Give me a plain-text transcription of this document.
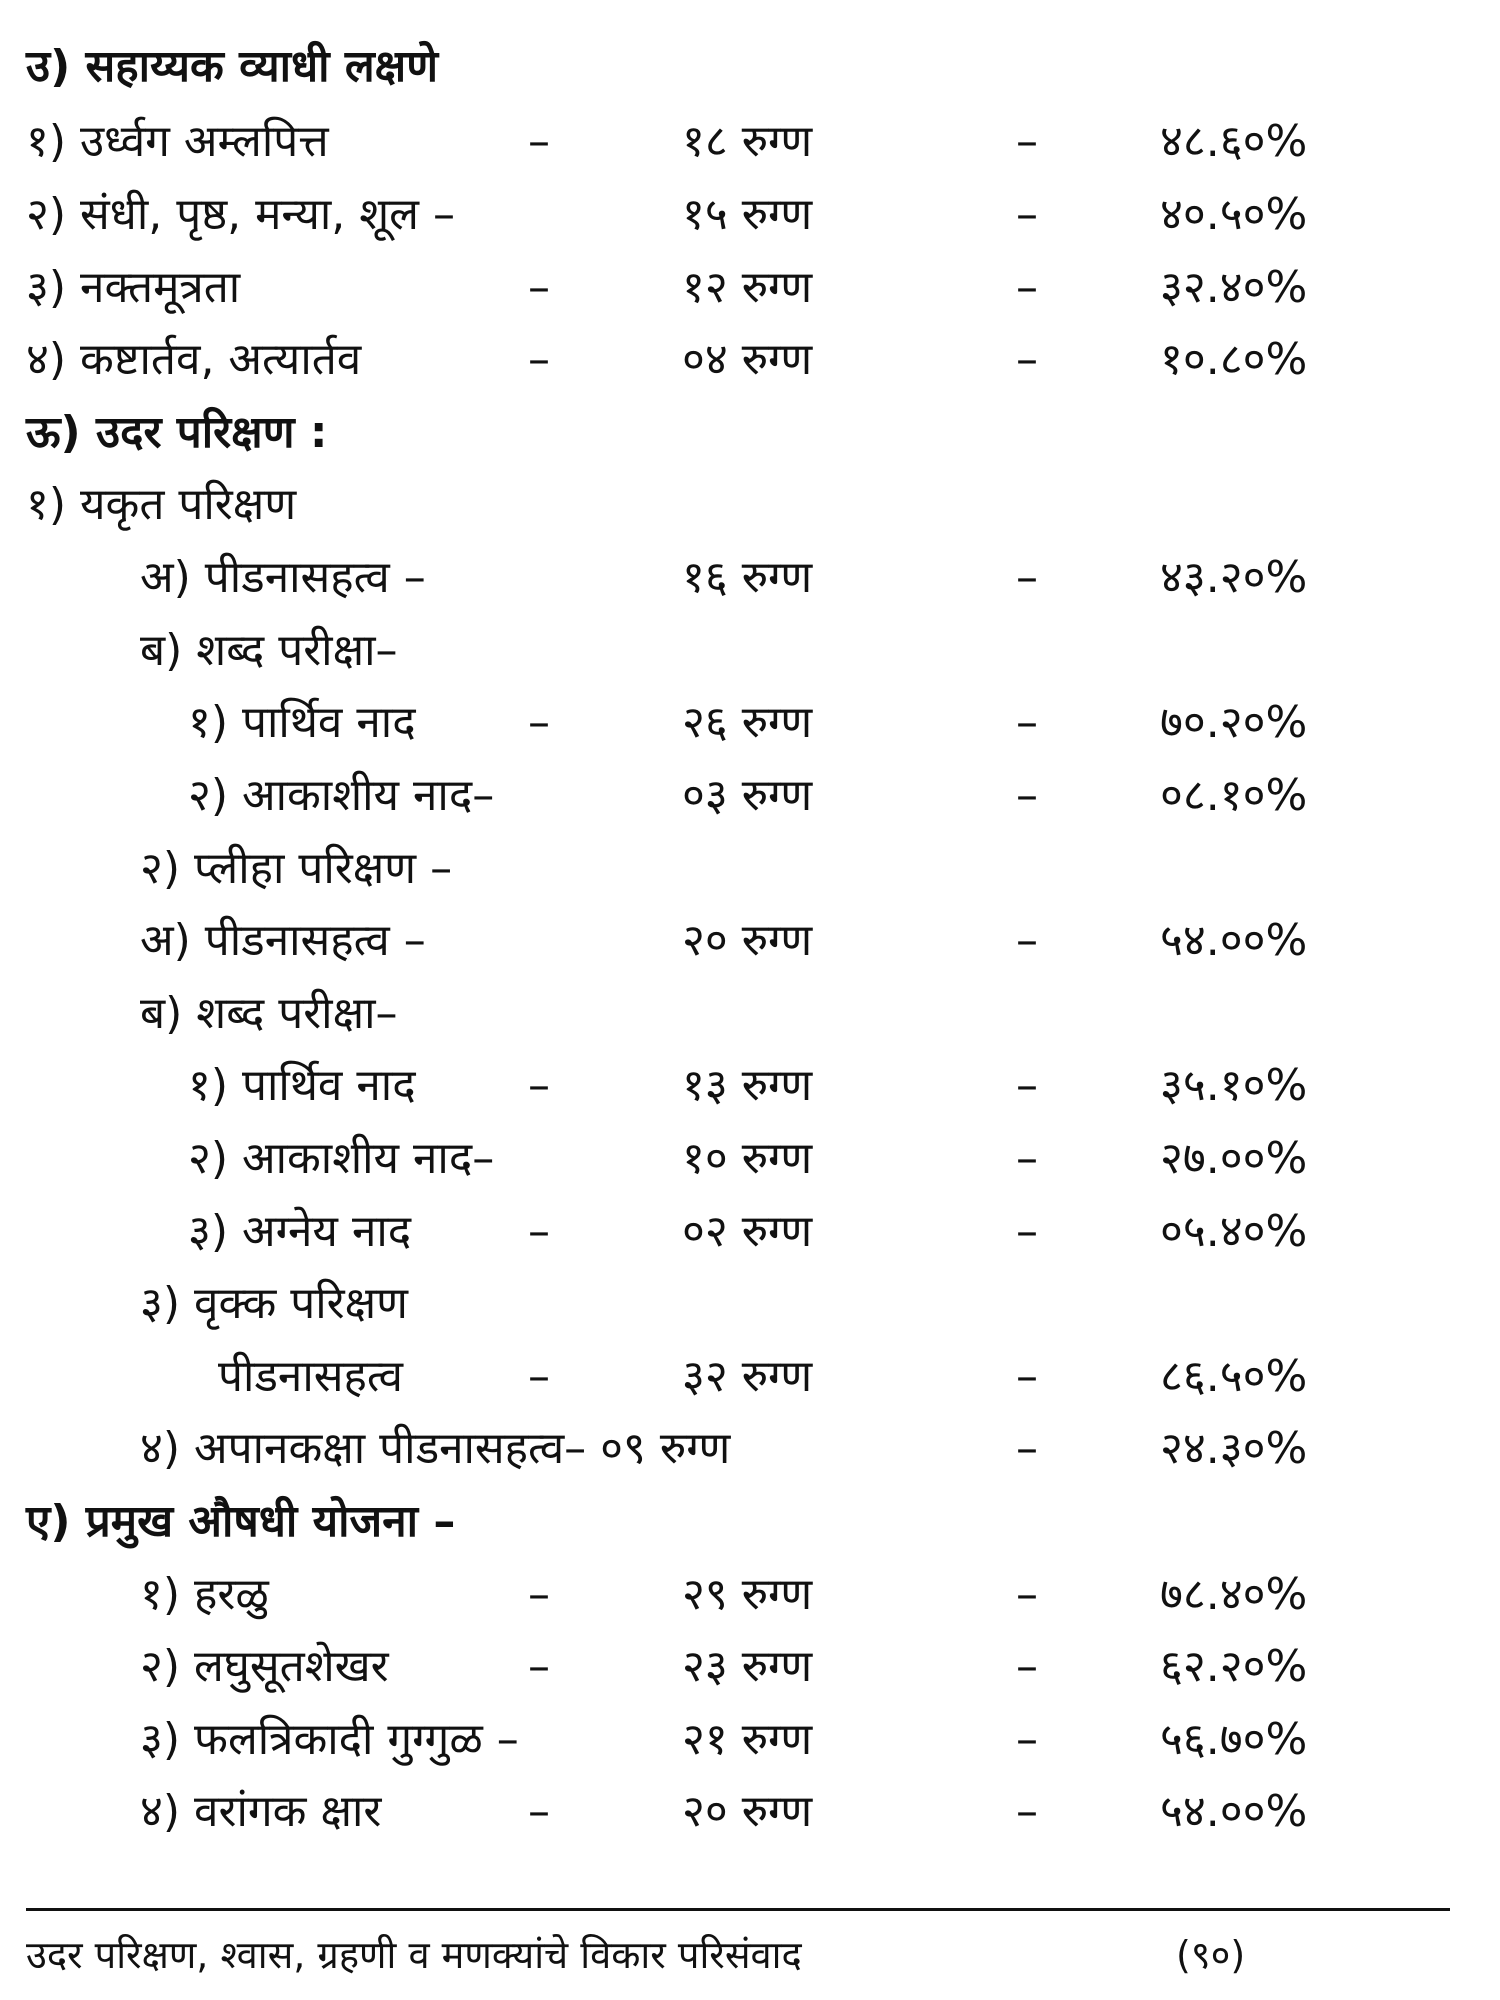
उ) सहाय्यक व्याधी लक्षणे
१) उर्ध्वग अम्लपित्त	–	१८ रुग्ण	–	४८.६०%
२) संधी, पृष्ठ, मन्या, शूल –	१५ रुग्ण	–	४०.५०%
३) नक्तमूत्रता	–	१२ रुग्ण	–	३२.४०%
४) कष्टार्तव, अत्यार्तव	–	०४ रुग्ण	–	१०.८०%
ऊ) उदर परिक्षण :
१) यकृत परिक्षण
अ) पीडनासहत्व –	१६ रुग्ण	–	४३.२०%
ब) शब्द परीक्षा–
१) पार्थिव नाद	–	२६ रुग्ण	–	७०.२०%
२) आकाशीय नाद–	०३ रुग्ण	–	०८.१०%
२) प्लीहा परिक्षण –
अ) पीडनासहत्व –	२० रुग्ण	–	५४.००%
ब) शब्द परीक्षा–
१) पार्थिव नाद	–	१३ रुग्ण	–	३५.१०%
२) आकाशीय नाद–	१० रुग्ण	–	२७.००%
३) अग्नेय नाद	–	०२ रुग्ण	–	०५.४०%
३) वृक्क परिक्षण
पीडनासहत्व	–	३२ रुग्ण	–	८६.५०%
४) अपानकक्षा पीडनासहत्व– ०९ रुग्ण	–	२४.३०%
ए) प्रमुख औषधी योजना –
१) हरळु	–	२९ रुग्ण	–	७८.४०%
२) लघुसूतशेखर	–	२३ रुग्ण	–	६२.२०%
३) फलत्रिकादी गुग्गुळ –	२१ रुग्ण	–	५६.७०%
४) वरांगक क्षार	–	२० रुग्ण	–	५४.००%
उदर परिक्षण, श्वास, ग्रहणी व मणक्यांचे विकार परिसंवाद	(९०)
